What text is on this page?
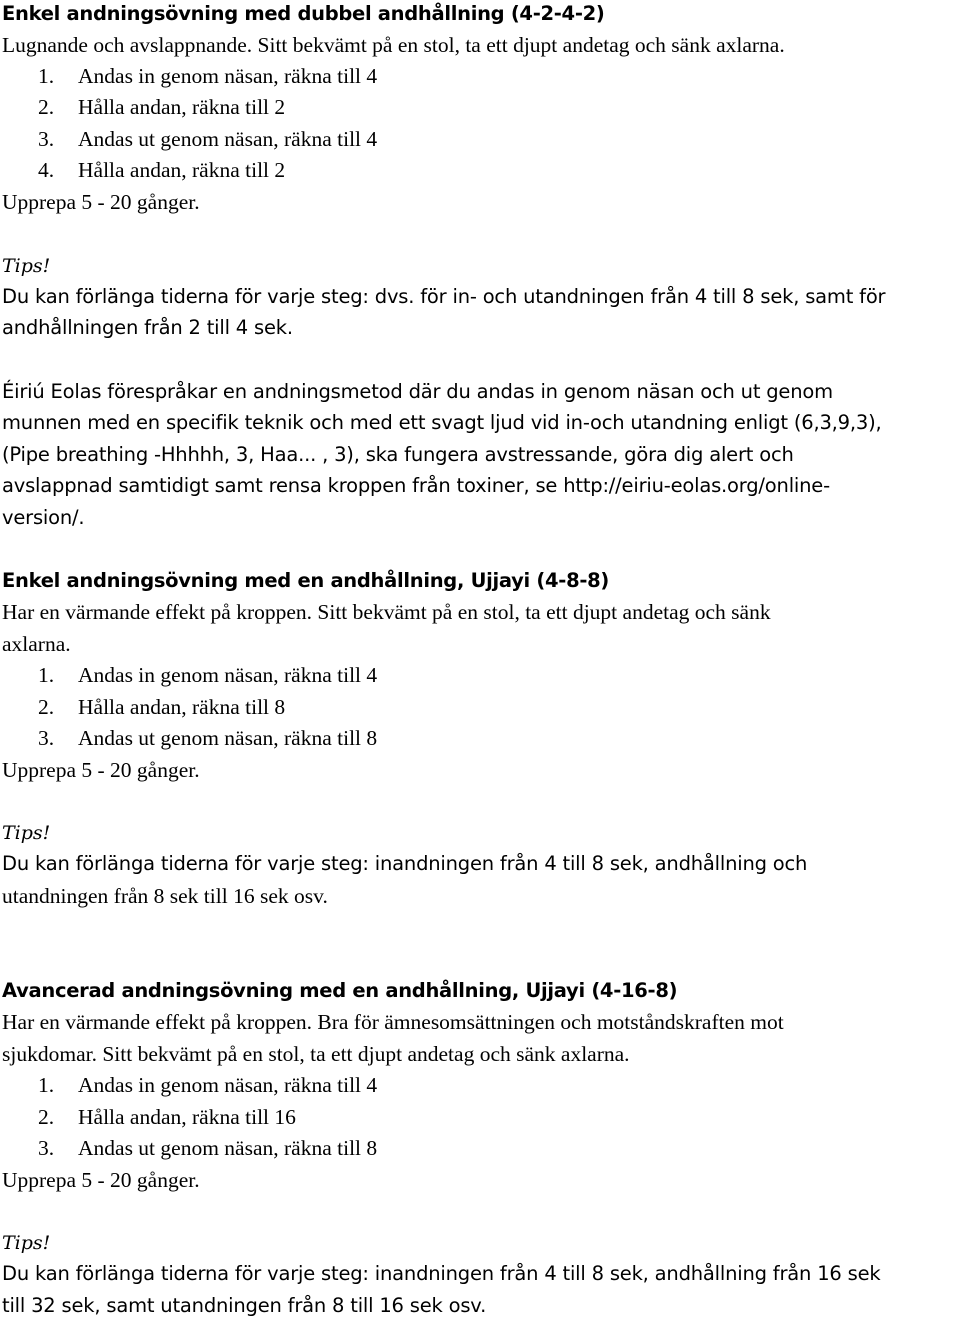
Enkel andningsövning med dubbel andhållning (4-2-4-2)
Lugnande och avslappnande. Sitt bekvämt på en stol, ta ett djupt andetag och sänk axlarna.
1. Andas in genom näsan, räkna till 4
2. Hålla andan, räkna till 2
3. Andas ut genom näsan, räkna till 4
4. Hålla andan, räkna till 2
Upprepa 5 - 20 gånger.
Tips!
Du kan förlänga tiderna för varje steg: dvs. för in- och utandningen från 4 till 8 sek, samt för
andhållningen från 2 till 4 sek.
Éiriú Eolas förespråkar en andningsmetod där du andas in genom näsan och ut genom
munnen med en specifik teknik och med ett svagt ljud vid in-och utandning enligt (6,3,9,3),
(Pipe breathing -Hhhhh, 3, Haa... , 3), ska fungera avstressande, göra dig alert och
avslappnad samtidigt samt rensa kroppen från toxiner, se http://eiriu-eolas.org/online-
version/.
Enkel andningsövning med en andhållning, Ujjayi (4-8-8)
Har en värmande effekt på kroppen. Sitt bekvämt på en stol, ta ett djupt andetag och sänk
axlarna.
1. Andas in genom näsan, räkna till 4
2. Hålla andan, räkna till 8
3. Andas ut genom näsan, räkna till 8
Upprepa 5 - 20 gånger.
Tips!
Du kan förlänga tiderna för varje steg: inandningen från 4 till 8 sek, andhållning och
utandningen från 8 sek till 16 sek osv.
Avancerad andningsövning med en andhållning, Ujjayi (4-16-8)
Har en värmande effekt på kroppen. Bra för ämnesomsättningen och motståndskraften mot
sjukdomar. Sitt bekvämt på en stol, ta ett djupt andetag och sänk axlarna.
1. Andas in genom näsan, räkna till 4
2. Hålla andan, räkna till 16
3. Andas ut genom näsan, räkna till 8
Upprepa 5 - 20 gånger.
Tips!
Du kan förlänga tiderna för varje steg: inandningen från 4 till 8 sek, andhållning från 16 sek
till 32 sek, samt utandningen från 8 till 16 sek osv.
